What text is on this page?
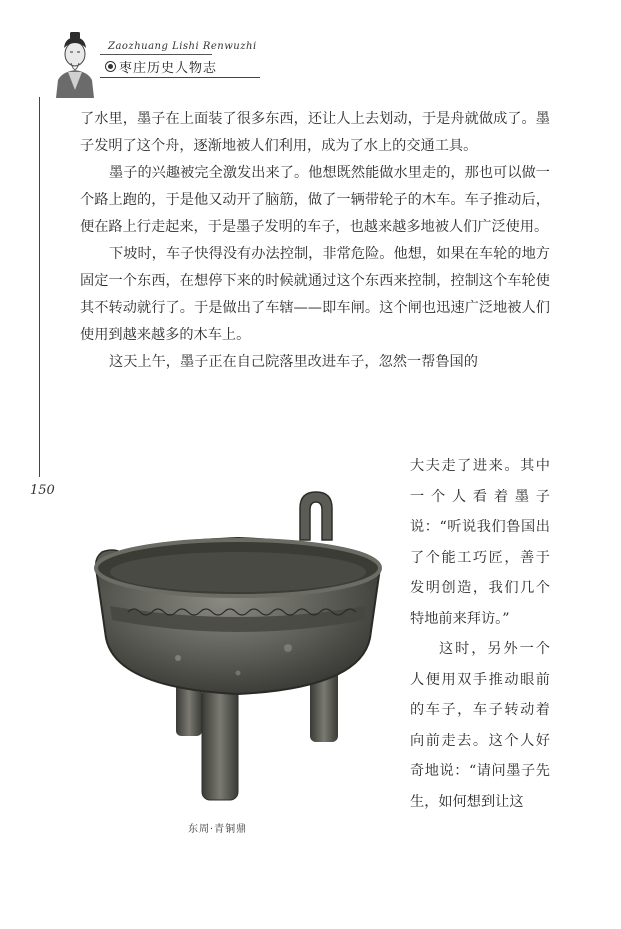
Zaozhuang Lishi Renwuzhi
枣庄历史人物志
150

了水里，墨子在上面装了很多东西，还让人上去划动，于是舟就做成了。墨子发明了这个舟，逐渐地被人们利用，成为了水上的交通工具。

墨子的兴趣被完全激发出来了。他想既然能做水里走的，那也可以做一个路上跑的，于是他又动开了脑筋，做了一辆带轮子的木车。车子推动后，便在路上行走起来，于是墨子发明的车子，也越来越多地被人们广泛使用。

下坡时，车子快得没有办法控制，非常危险。他想，如果在车轮的地方固定一个东西，在想停下来的时候就通过这个东西来控制，控制这个车轮使其不转动就行了。于是做出了车辖——即车闸。这个闸也迅速广泛地被人们使用到越来越多的木车上。

这天上午，墨子正在自己院落里改进车子，忽然一帮鲁国的

大夫走了进来。其中一个人看着墨子说：“听说我们鲁国出了个能工巧匠，善于发明创造，我们几个特地前来拜访。”

这时，另外一个人便用双手推动眼前的车子，车子转动着向前走去。这个人好奇地说：“请问墨子先生，如何想到让这

东周·青铜鼎
